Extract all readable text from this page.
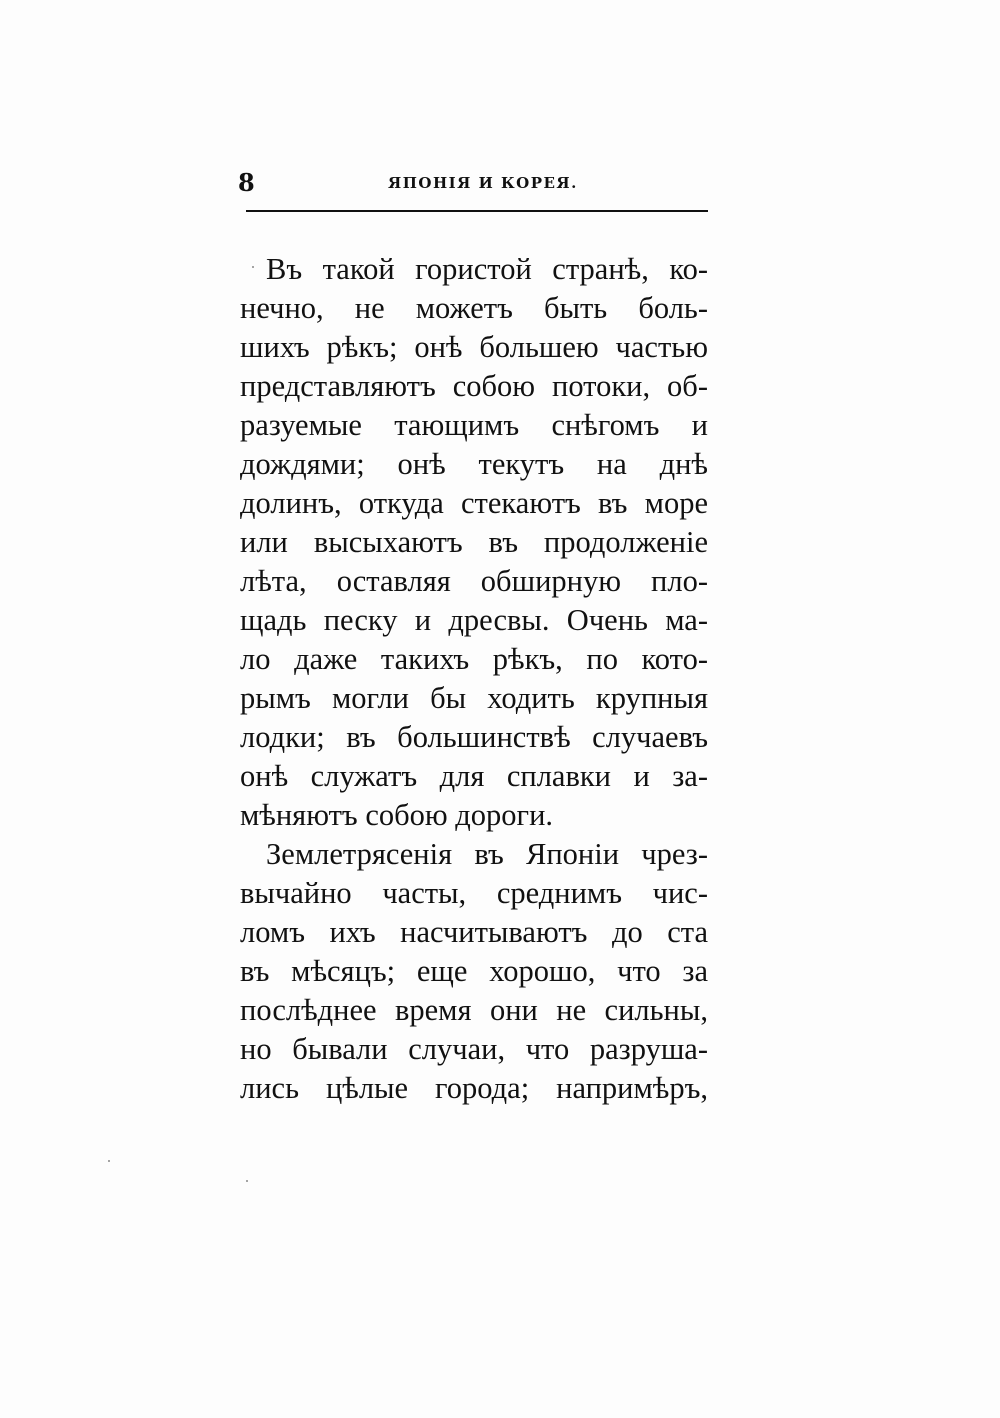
8	ЯПОНІЯ И КОРЕЯ.
Въ такой гористой странѣ, ко-
нечно, не можетъ быть боль-
шихъ рѣкъ; онѣ большею частью
представляютъ собою потоки, об-
разуемые тающимъ снѣгомъ и
дождями; онѣ текутъ на днѣ
долинъ, откуда стекаютъ въ море
или высыхаютъ въ продолженіе
лѣта, оставляя обширную пло-
щадь песку и дресвы. Очень ма-
ло даже такихъ рѣкъ, по кото-
рымъ могли бы ходить крупныя
лодки; въ большинствѣ случаевъ
онѣ служатъ для сплавки и за-
мѣняютъ собою дороги.
Землетрясенія въ Японіи чрез-
вычайно часты, среднимъ чис-
ломъ ихъ насчитываютъ до ста
въ мѣсяцъ; еще хорошо, что за
послѣднее время они не сильны,
но бывали случаи, что разруша-
лись цѣлые города; напримѣръ,
